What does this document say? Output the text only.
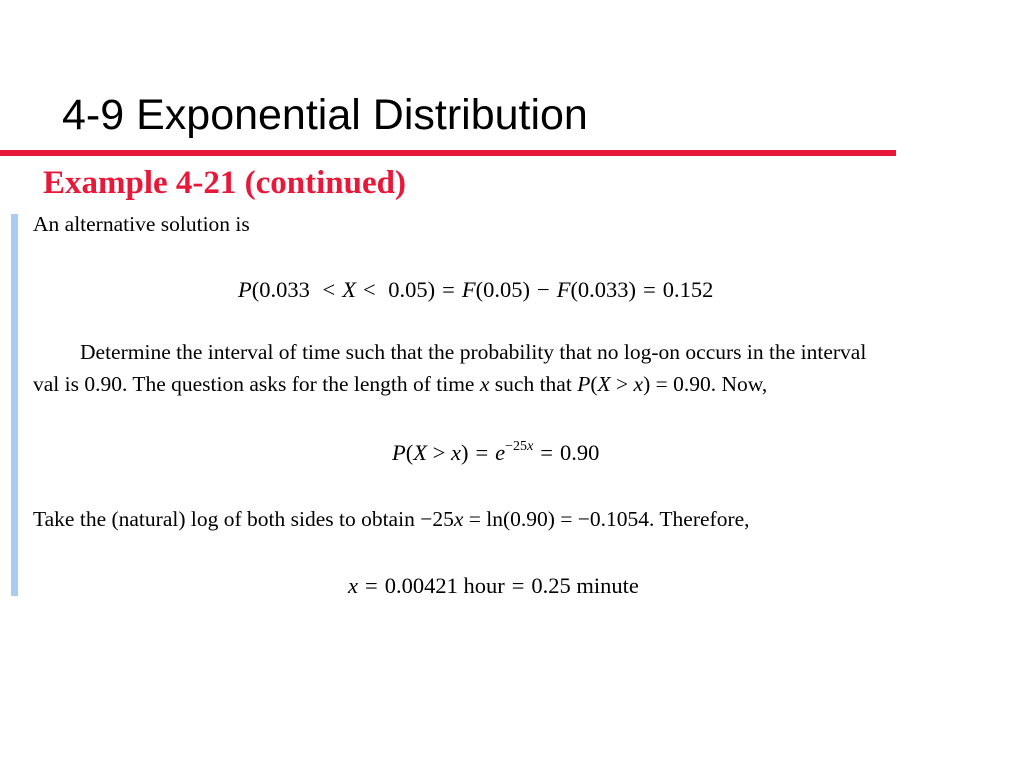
4-9 Exponential Distribution
Example 4-21 (continued)
An alternative solution is
P(0.033 < X < 0.05) = F(0.05) − F(0.033) = 0.152
Determine the interval of time such that the probability that no log-on occurs in the interval
val is 0.90. The question asks for the length of time x such that P(X > x) = 0.90. Now,
$P(X > x) = e^{-25x} = 0.90$
Take the (natural) log of both sides to obtain −25x = ln(0.90) = −0.1054. Therefore,
x = 0.00421 hour = 0.25 minute
